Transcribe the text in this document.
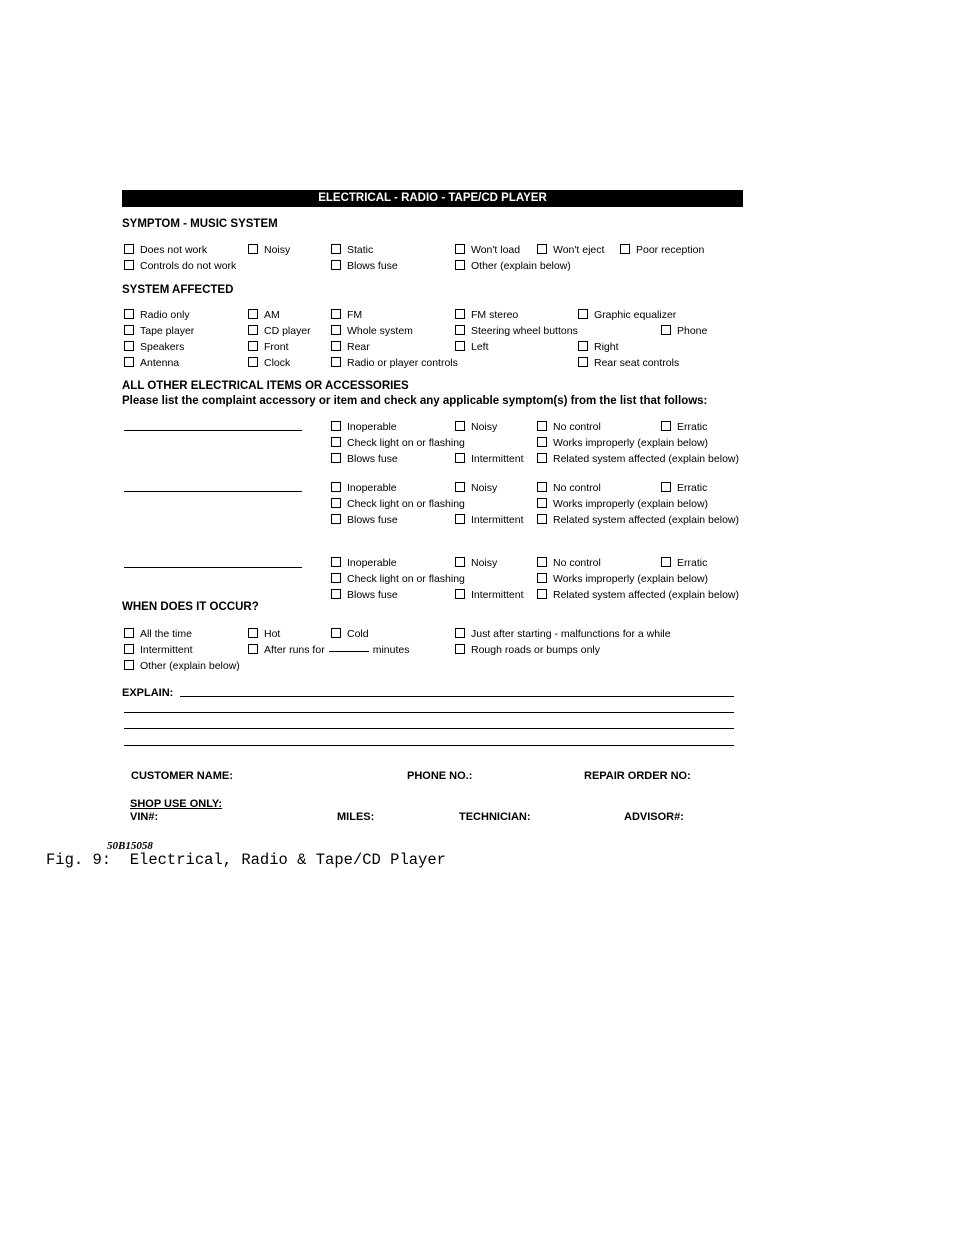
ELECTRICAL - RADIO - TAPE/CD PLAYER
SYMPTOM - MUSIC SYSTEM
Does not work	Noisy	Static	Won't load	Won't eject	Poor reception
Controls do not work	Blows fuse	Other (explain below)
SYSTEM AFFECTED
Radio only	AM	FM	FM stereo	Graphic equalizer
Tape player	CD player	Whole system	Steering wheel buttons	Phone
Speakers	Front	Rear	Left	Right
Antenna	Clock	Radio or player controls	Rear seat controls
ALL OTHER ELECTRICAL ITEMS OR ACCESSORIES
Please list the complaint accessory or item and check any applicable symptom(s) from the list that follows:
Inoperable	Noisy	No control	Erratic
Check light on or flashing	Works improperly (explain below)
Blows fuse	Intermittent	Related system affected (explain below)
Inoperable	Noisy	No control	Erratic
Check light on or flashing	Works improperly (explain below)
Blows fuse	Intermittent	Related system affected (explain below)
Inoperable	Noisy	No control	Erratic
Check light on or flashing	Works improperly (explain below)
Blows fuse	Intermittent	Related system affected (explain below)
WHEN DOES IT OCCUR?
All the time	Hot	Cold	Just after starting - malfunctions for a while
Intermittent	After runs for	minutes	Rough roads or bumps only
Other (explain below)
EXPLAIN:
CUSTOMER NAME:	PHONE NO.:	REPAIR ORDER NO:
SHOP USE ONLY:
VIN#:	MILES:	TECHNICIAN:	ADVISOR#:
50B15058
Fig. 9:  Electrical, Radio & Tape/CD Player
